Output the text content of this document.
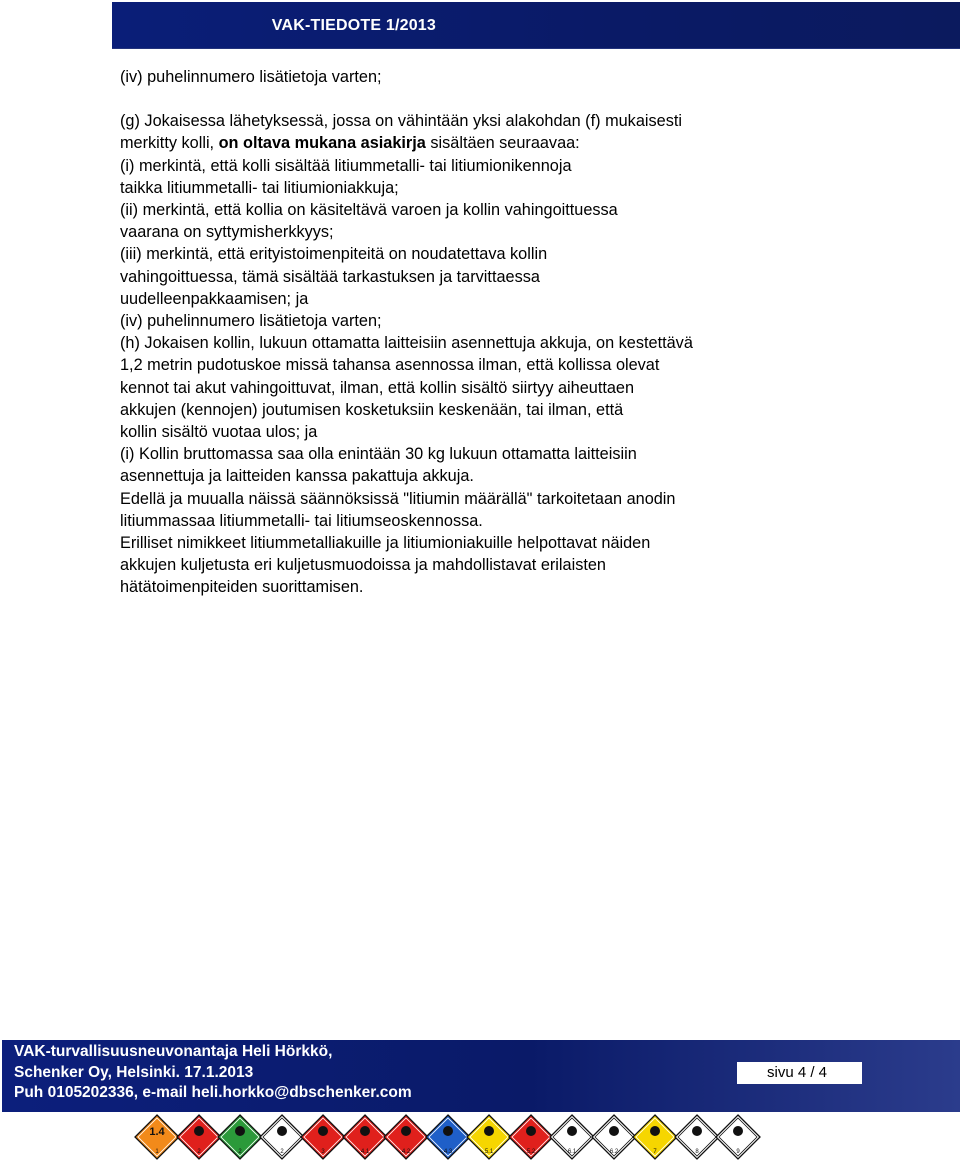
VAK-TIEDOTE 1/2013

(iv) puhelinnumero lisätietoja varten;

(g) Jokaisessa lähetyksessä, jossa on vähintään yksi alakohdan (f) mukaisesti

merkitty kolli, on oltava mukana asiakirja sisältäen seuraavaa:

(i) merkintä, että kolli sisältää litiummetalli- tai litiumionikennoja

taikka litiummetalli- tai litiumioniakkuja;

(ii) merkintä, että kollia on käsiteltävä varoen ja kollin vahingoittuessa

vaarana on syttymisherkkyys;

(iii) merkintä, että erityistoimenpiteitä on noudatettava kollin

vahingoittuessa, tämä sisältää tarkastuksen ja tarvittaessa

uudelleenpakkaamisen; ja

(iv) puhelinnumero lisätietoja varten;

(h) Jokaisen kollin, lukuun ottamatta laitteisiin asennettuja akkuja, on kestettävä

1,2 metrin pudotuskoe missä tahansa asennossa ilman, että kollissa olevat

kennot tai akut vahingoittuvat, ilman, että kollin sisältö siirtyy aiheuttaen

akkujen (kennojen) joutumisen kosketuksiin keskenään, tai ilman, että

kollin sisältö vuotaa ulos; ja

(i) Kollin bruttomassa saa olla enintään 30 kg lukuun ottamatta laitteisiin

asennettuja ja laitteiden kanssa pakattuja akkuja.

Edellä ja muualla näissä säännöksissä "litiumin määrällä" tarkoitetaan anodin

litiummassaa litiummetalli- tai litiumseoskennossa.

Erilliset nimikkeet litiummetalliakuille ja litiumioniakuille helpottavat näiden

akkujen kuljetusta eri kuljetusmuodoissa ja mahdollistavat erilaisten

hätätoimenpiteiden suorittamisen.

VAK-turvallisuusneuvonantaja Heli Hörkkö,
Schenker Oy, Helsinki. 17.1.2013
Puh 0105202336, e-mail heli.horkko@dbschenker.com
sivu 4 / 4
1.4
1	2	2	2	3	4.1	4.2	4.3	5.1	5.2	6.1	6.2	7	8	9
